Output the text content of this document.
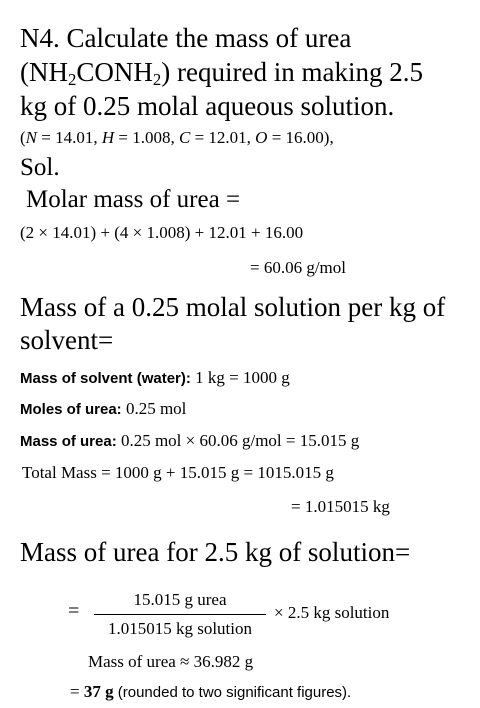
N4. Calculate the mass of urea
$(NH_2CONH_2)$ required in making 2.5
kg of 0.25 molal aqueous solution.
(N = 14.01, H = 1.008, C = 12.01, O = 16.00),
Sol.
Molar mass of urea =
(2 × 14.01) + (4 × 1.008) + 12.01 + 16.00
= 60.06 g/mol
Mass of a 0.25 molal solution per kg of
solvent=
Mass of solvent (water): 1 kg = 1000 g
Moles of urea: 0.25 mol
Mass of urea: 0.25 mol × 60.06 g/mol = 15.015 g
Total Mass = 1000 g + 15.015 g = 1015.015 g
= 1.015015 kg
Mass of urea for 2.5 kg of solution=
=
15.015 g urea
1.015015 kg solution
× 2.5 kg solution
Mass of urea ≈ 36.982 g
= 37 g (rounded to two significant figures).
